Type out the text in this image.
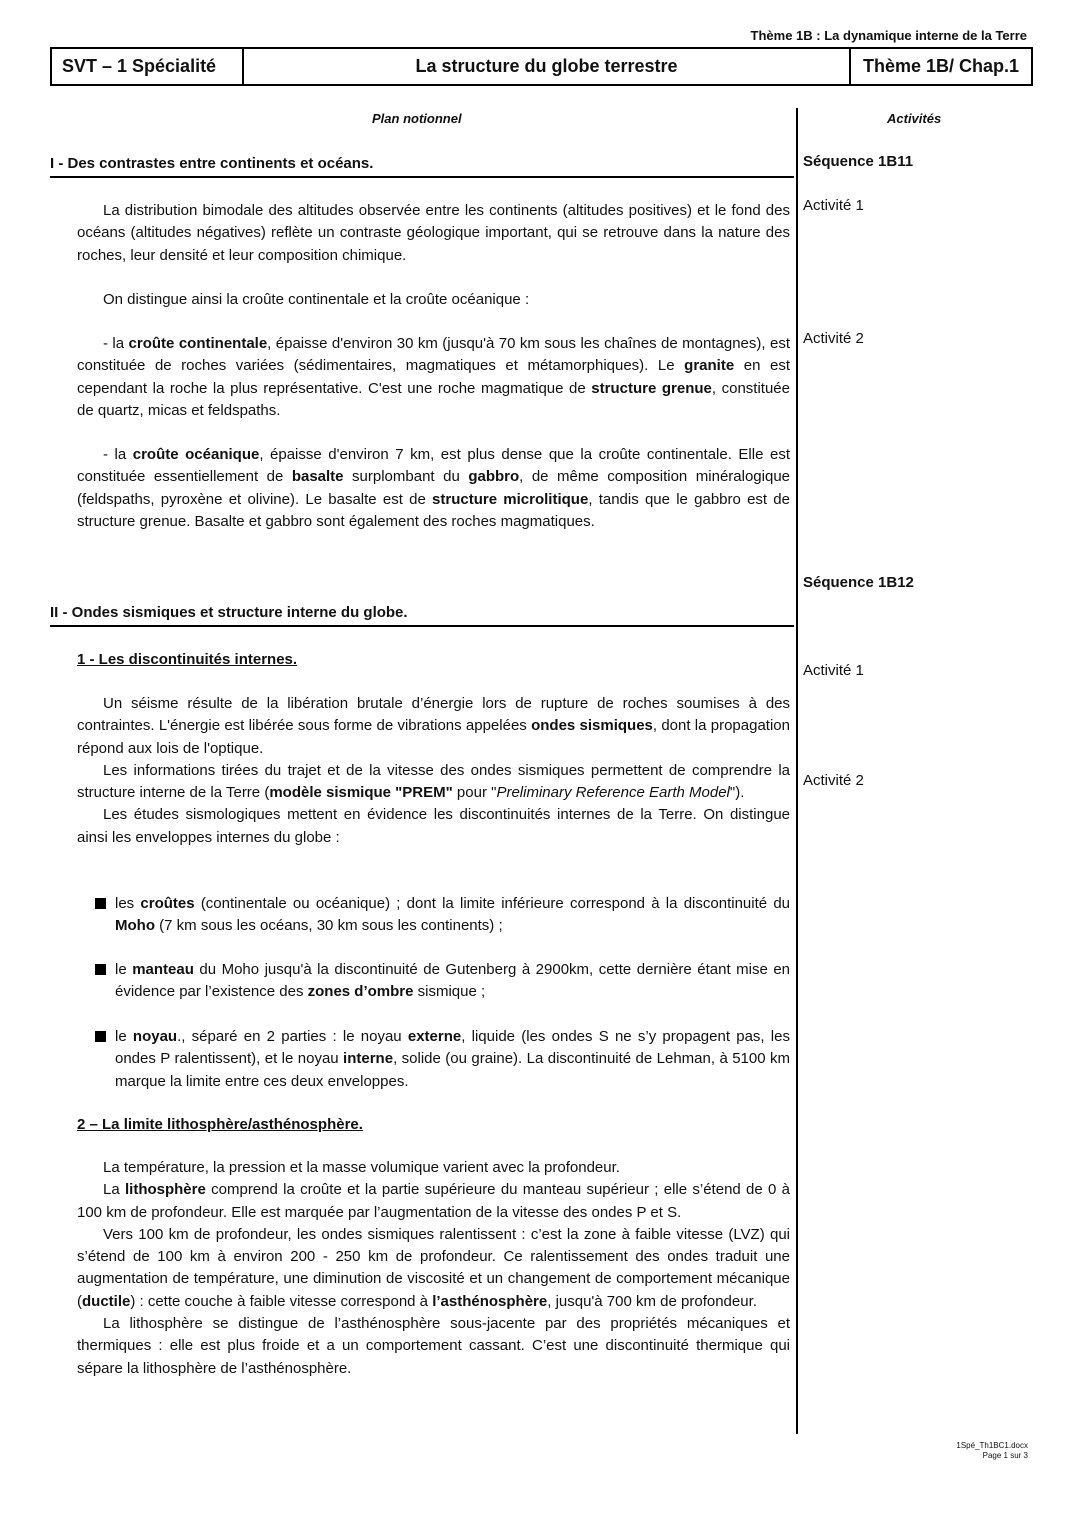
Thème 1B : La dynamique interne de la Terre
SVT – 1 Spécialité	La structure du globe terrestre	Thème 1B/ Chap.1
Plan notionnel	Activités
I - Des contrastes entre continents et océans.	Séquence 1B11
Activité 1
Activité 2

La distribution bimodale des altitudes observée entre les continents (altitudes positives) et le fond des océans (altitudes négatives) reflète un contraste géologique important, qui se retrouve dans la nature des roches, leur densité et leur composition chimique.

On distingue ainsi la croûte continentale et la croûte océanique :

- la croûte continentale, épaisse d'environ 30 km (jusqu'à 70 km sous les chaînes de montagnes), est constituée de roches variées (sédimentaires, magmatiques et métamorphiques). Le granite en est cependant la roche la plus représentative. C'est une roche magmatique de structure grenue, constituée de quartz, micas et feldspaths.

- la croûte océanique, épaisse d'environ 7 km, est plus dense que la croûte continentale. Elle est constituée essentiellement de basalte surplombant du gabbro, de même composition minéralogique (feldspaths, pyroxène et olivine). Le basalte est de structure microlitique, tandis que le gabbro est de structure grenue. Basalte et gabbro sont également des roches magmatiques.

Séquence 1B12
II - Ondes sismiques et structure interne du globe.
Activité 1
Activité 2
1 - Les discontinuités internes.

Un séisme résulte de la libération brutale d’énergie lors de rupture de roches soumises à des contraintes. L'énergie est libérée sous forme de vibrations appelées ondes sismiques, dont la propagation répond aux lois de l'optique.

Les informations tirées du trajet et de la vitesse des ondes sismiques permettent de comprendre la structure interne de la Terre (modèle sismique "PREM" pour "Preliminary Reference Earth Model").

Les études sismologiques mettent en évidence les discontinuités internes de la Terre. On distingue ainsi les enveloppes internes du globe :

les croûtes (continentale ou océanique) ; dont la limite inférieure correspond à la discontinuité du Moho (7 km sous les océans, 30 km sous les continents) ;
le manteau du Moho jusqu'à la discontinuité de Gutenberg à 2900km, cette dernière étant mise en évidence par l’existence des zones d’ombre sismique ;
le noyau., séparé en 2 parties : le noyau externe, liquide (les ondes S ne s’y propagent pas, les ondes P ralentissent), et le noyau interne, solide (ou graine). La discontinuité de Lehman, à 5100 km marque la limite entre ces deux enveloppes.
2 – La limite lithosphère/asthénosphère.

La température, la pression et la masse volumique varient avec la profondeur.

La lithosphère comprend la croûte et la partie supérieure du manteau supérieur ; elle s’étend de 0 à 100 km de profondeur. Elle est marquée par l’augmentation de la vitesse des ondes P et S.

Vers 100 km de profondeur, les ondes sismiques ralentissent : c’est la zone à faible vitesse (LVZ) qui s’étend de 100 km à environ 200 - 250 km de profondeur. Ce ralentissement des ondes traduit une augmentation de température, une diminution de viscosité et un changement de comportement mécanique (ductile) : cette couche à faible vitesse correspond à l’asthénosphère, jusqu'à 700 km de profondeur.

La lithosphère se distingue de l’asthénosphère sous-jacente par des propriétés mécaniques et thermiques : elle est plus froide et a un comportement cassant. C’est une discontinuité thermique qui sépare la lithosphère de l’asthénosphère.

1Spé_Th1BC1.docx
Page 1 sur 3
